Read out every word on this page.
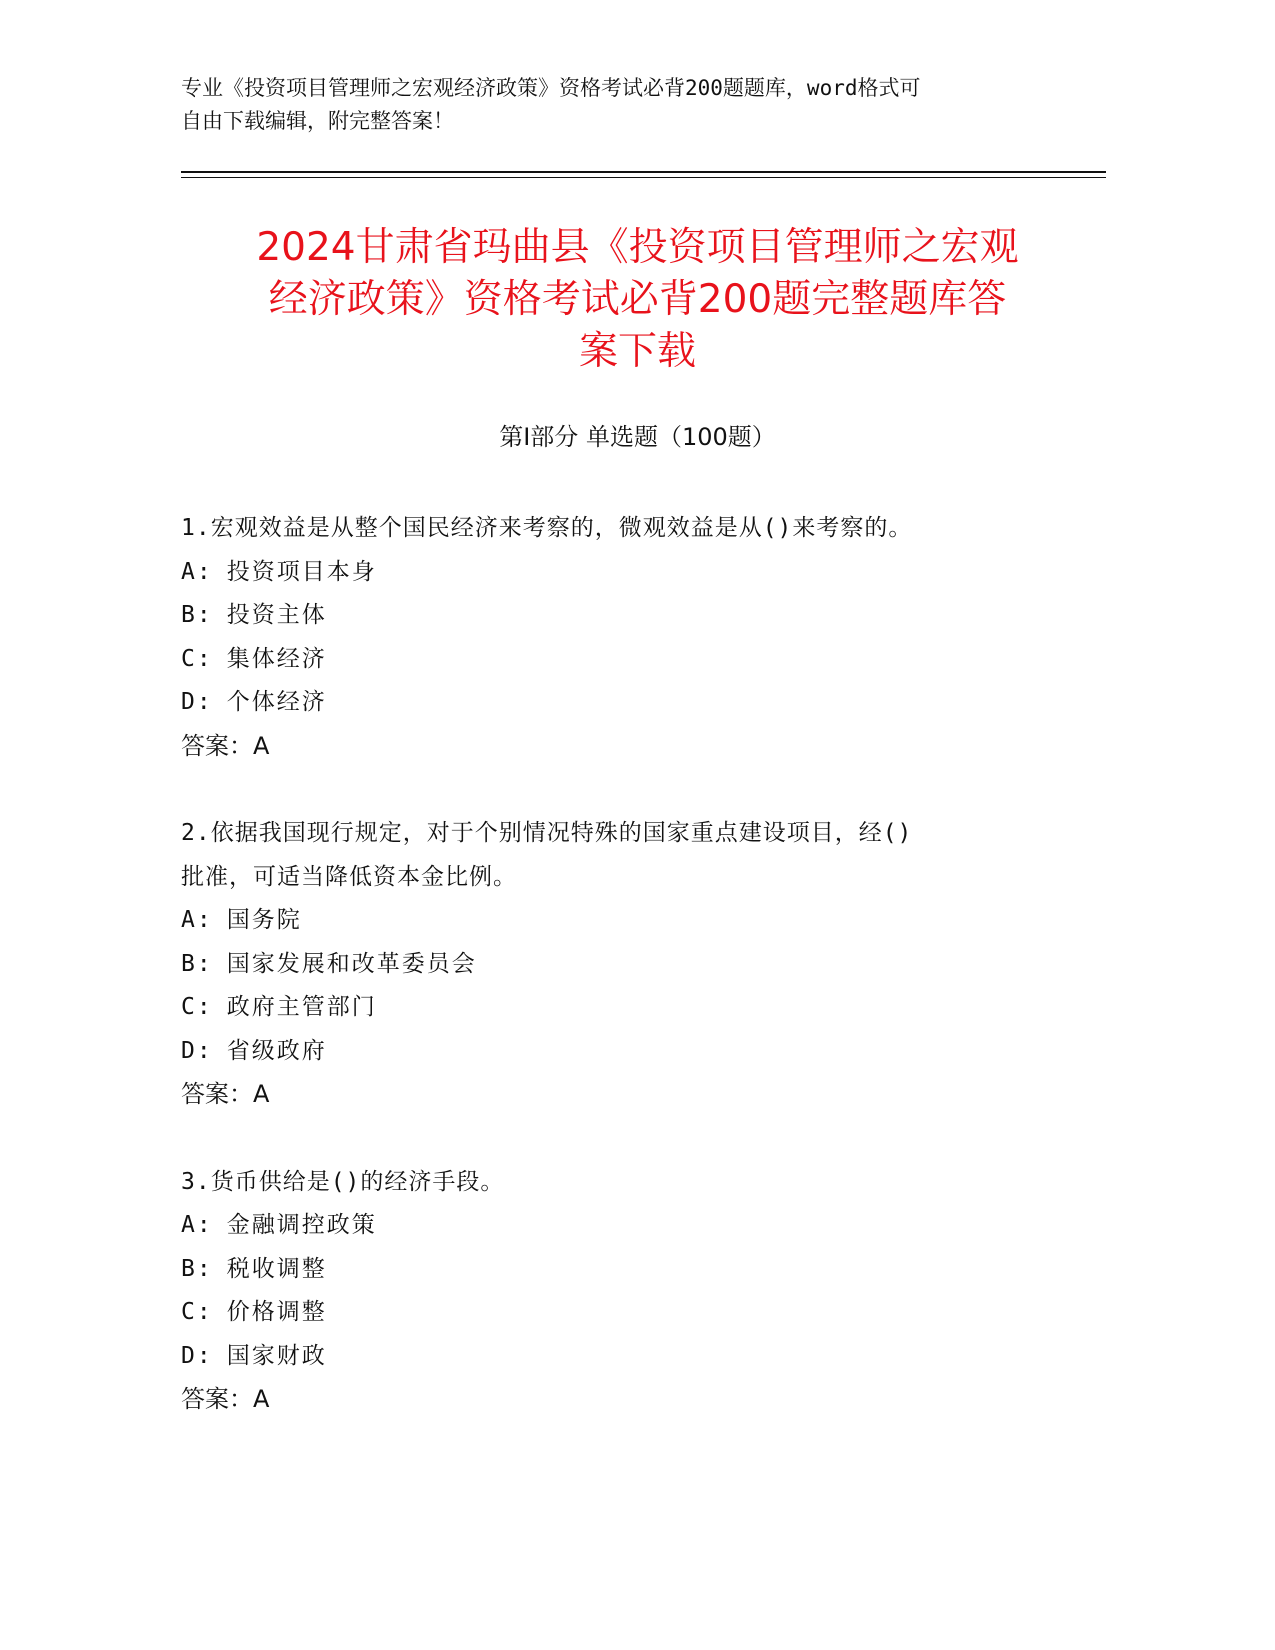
专业《投资项目管理师之宏观经济政策》资格考试必背200题题库，word格式可
自由下载编辑，附完整答案！

2024甘肃省玛曲县《投资项目管理师之宏观
经济政策》资格考试必背200题完整题库答
案下载
第Ⅰ部分 单选题（100题）

1.宏观效益是从整个国民经济来考察的，微观效益是从()来考察的。

A: 投资项目本身
B: 投资主体
C: 集体经济
D: 个体经济
答案：A

2.依据我国现行规定，对于个别情况特殊的国家重点建设项目，经()
批准，可适当降低资本金比例。

A: 国务院
B: 国家发展和改革委员会
C: 政府主管部门
D: 省级政府
答案：A

3.货币供给是()的经济手段。

A: 金融调控政策
B: 税收调整
C: 价格调整
D: 国家财政
答案：A
